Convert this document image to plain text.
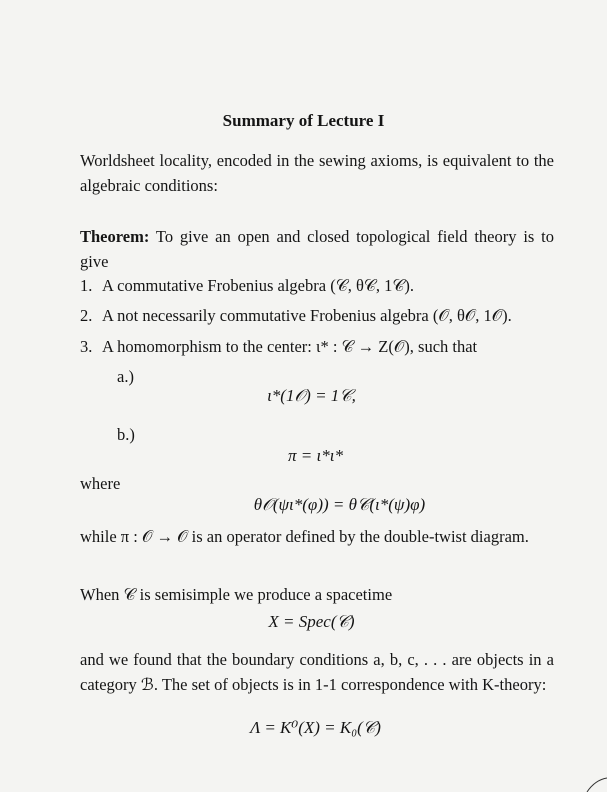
Summary of Lecture I
Worldsheet locality, encoded in the sewing axioms, is equivalent to the algebraic conditions:
Theorem: To give an open and closed topological field theory is to give
1. A commutative Frobenius algebra (𝒞, θ𝒞, 1𝒞).
2. A not necessarily commutative Frobenius algebra (𝒪, θ𝒪, 1𝒪).
3. A homomorphism to the center: ι* : 𝒞 → Z(𝒪), such that
a.)
ι*(1𝒪) = 1𝒞,
b.)
π = ι*ι*
where
θ𝒪(ψι*(φ)) = θ𝒞(ι*(ψ)φ)
while π : 𝒪 → 𝒪 is an operator defined by the double-twist diagram.
When 𝒞 is semisimple we produce a spacetime
X = Spec(𝒞)
and we found that the boundary conditions a, b, c, . . . are objects in a category ℬ. The set of objects is in 1-1 correspondence with K-theory:
Λ = K⁰(X) = K₀(𝒞)
